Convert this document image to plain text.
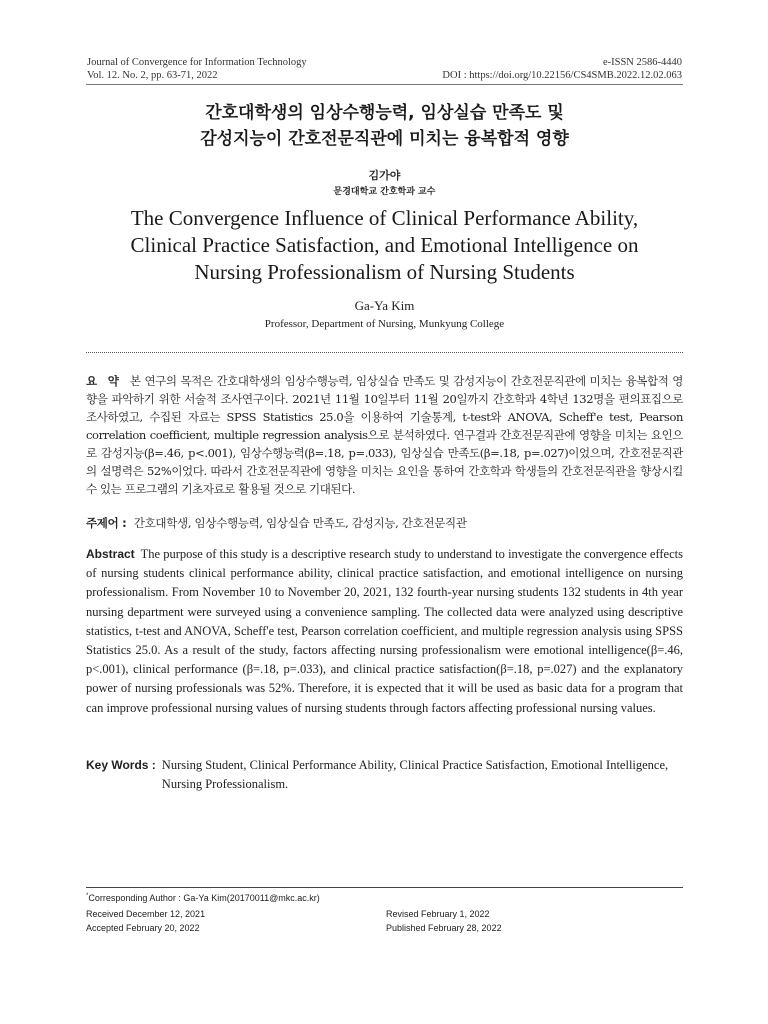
Journal of Convergence for Information Technology
Vol. 12. No. 2, pp. 63-71, 2022
e-ISSN 2586-4440
DOI : https://doi.org/10.22156/CS4SMB.2022.12.02.063
간호대학생의 임상수행능력, 임상실습 만족도 및
감성지능이 간호전문직관에 미치는 융복합적 영향
김가야
문경대학교 간호학과 교수
The Convergence Influence of Clinical Performance Ability,
Clinical Practice Satisfaction, and Emotional Intelligence on
Nursing Professionalism of Nursing Students
Ga-Ya Kim
Professor, Department of Nursing, Munkyung College
요 약 본 연구의 목적은 간호대학생의 임상수행능력, 임상실습 만족도 및 감성지능이 간호전문직관에 미치는 융복합적 영향을 파악하기 위한 서술적 조사연구이다. 2021년 11월 10일부터 11월 20일까지 간호학과 4학년 132명을 편의표집으로 조사하였고, 수집된 자료는 SPSS Statistics 25.0을 이용하여 기술통계, t-test와 ANOVA, Scheff'e test, Pearson correlation coefficient, multiple regression analysis으로 분석하였다. 연구결과 간호전문직관에 영향을 미치는 요인으로 감성지능(β=.46, p<.001), 임상수행능력(β=.18, p=.033), 임상실습 만족도(β=.18, p=.027)이었으며, 간호전문직관의 설명력은 52%이었다. 따라서 간호전문직관에 영향을 미치는 요인을 통하여 간호학과 학생들의 간호전문직관을 향상시킬 수 있는 프로그램의 기초자료로 활용될 것으로 기대된다.
주제어 : 간호대학생, 임상수행능력, 임상실습 만족도, 감성지능, 간호전문직관
Abstract The purpose of this study is a descriptive research study to understand to investigate the convergence effects of nursing students clinical performance ability, clinical practice satisfaction, and emotional intelligence on nursing professionalism. From November 10 to November 20, 2021, 132 fourth-year nursing students 132 students in 4th year nursing department were surveyed using a convenience sampling. The collected data were analyzed using descriptive statistics, t-test and ANOVA, Scheff'e test, Pearson correlation coefficient, and multiple regression analysis using SPSS Statistics 25.0. As a result of the study, factors affecting nursing professionalism were emotional intelligence(β=.46, p<.001), clinical performance (β=.18, p=.033), and clinical practice satisfaction(β=.18, p=.027) and the explanatory power of nursing professionals was 52%. Therefore, it is expected that it will be used as basic data for a program that can improve professional nursing values of nursing students through factors affecting professional nursing values.
Key Words : Nursing Student, Clinical Performance Ability, Clinical Practice Satisfaction, Emotional Intelligence, Nursing Professionalism.
*Corresponding Author : Ga-Ya Kim(20170011@mkc.ac.kr)
Received December 12, 2021
Accepted February 20, 2022
Revised February 1, 2022
Published February 28, 2022
